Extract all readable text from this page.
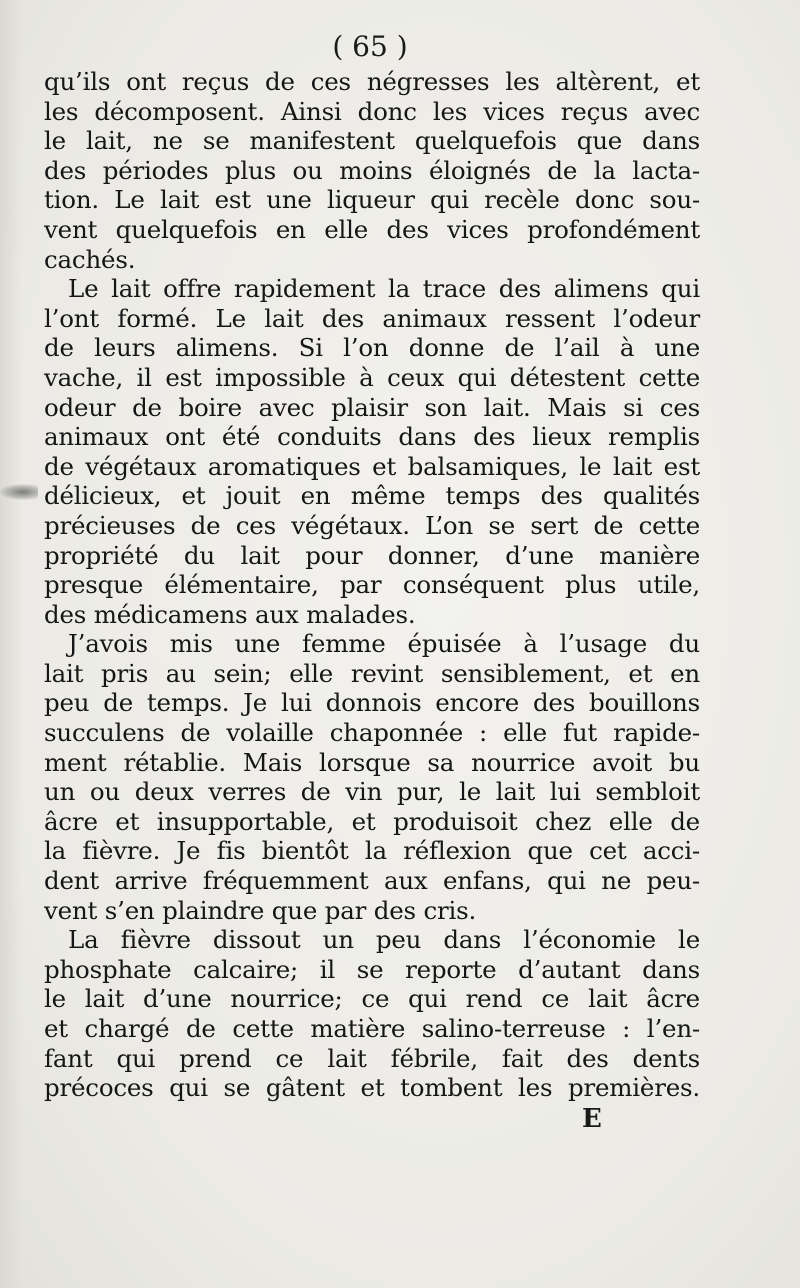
( 65 )
qu’ils ont reçus de ces négresses les altèrent, et
les décomposent. Ainsi donc les vices reçus avec
le lait, ne se manifestent quelquefois que dans
des périodes plus ou moins éloignés de la lacta-
tion. Le lait est une liqueur qui recèle donc sou-
vent quelquefois en elle des vices profondément
cachés.
Le lait offre rapidement la trace des alimens qui
l’ont formé. Le lait des animaux ressent l’odeur
de leurs alimens. Si l’on donne de l’ail à une
vache, il est impossible à ceux qui détestent cette
odeur de boire avec plaisir son lait. Mais si ces
animaux ont été conduits dans des lieux remplis
de végétaux aromatiques et balsamiques, le lait est
délicieux, et jouit en même temps des qualités
précieuses de ces végétaux. L’on se sert de cette
propriété du lait pour donner, d’une manière
presque élémentaire, par conséquent plus utile,
des médicamens aux malades.
J’avois mis une femme épuisée à l’usage du
lait pris au sein; elle revint sensiblement, et en
peu de temps. Je lui donnois encore des bouillons
succulens de volaille chaponnée : elle fut rapide-
ment rétablie. Mais lorsque sa nourrice avoit bu
un ou deux verres de vin pur, le lait lui sembloit
âcre et insupportable, et produisoit chez elle de
la fièvre. Je fis bientôt la réflexion que cet acci-
dent arrive fréquemment aux enfans, qui ne peu-
vent s’en plaindre que par des cris.
La fièvre dissout un peu dans l’économie le
phosphate calcaire; il se reporte d’autant dans
le lait d’une nourrice; ce qui rend ce lait âcre
et chargé de cette matière salino-terreuse : l’en-
fant qui prend ce lait fébrile, fait des dents
précoces qui se gâtent et tombent les premières.
E
